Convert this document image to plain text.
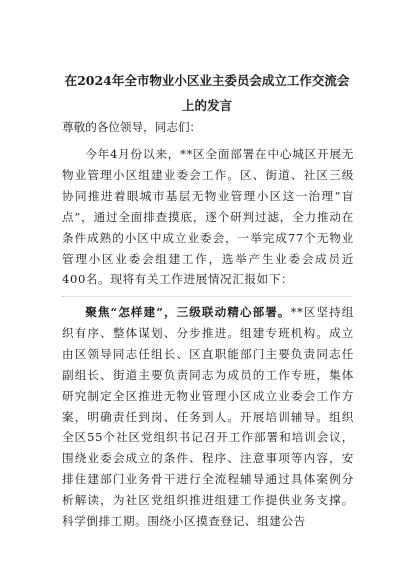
在2024年全市物业小区业主委员会成立工作交流会上的发言

尊敬的各位领导，同志们：

今年4月份以来，**区全面部署在中心城区开展无物业管理小区组建业委会工作。区、街道、社区三级协同推进着眼城市基层无物业管理小区这一治理“盲点”，通过全面排查摸底，逐个研判过滤，全力推动在条件成熟的小区中成立业委会，一举完成77个无物业管理小区业委会组建工作，选举产生业委会成员近400名。现将有关工作进展情况汇报如下：

聚焦“怎样建”，三级联动精心部署。**区坚持组织有序、整体谋划、分步推进。组建专班机构。成立由区领导同志任组长、区直职能部门主要负责同志任副组长、街道主要负责同志为成员的工作专班，集体研究制定全区推进无物业管理小区成立业委会工作方案，明确责任到岗、任务到人。开展培训辅导。组织全区55个社区党组织书记召开工作部署和培训会议，围绕业委会成立的条件、程序、注意事项等内容，安排住建部门业务骨干进行全流程辅导通过具体案例分析解读，为社区党组织推进组建工作提供业务支撑。科学倒排工期。围绕小区摸查登记、组建公告
